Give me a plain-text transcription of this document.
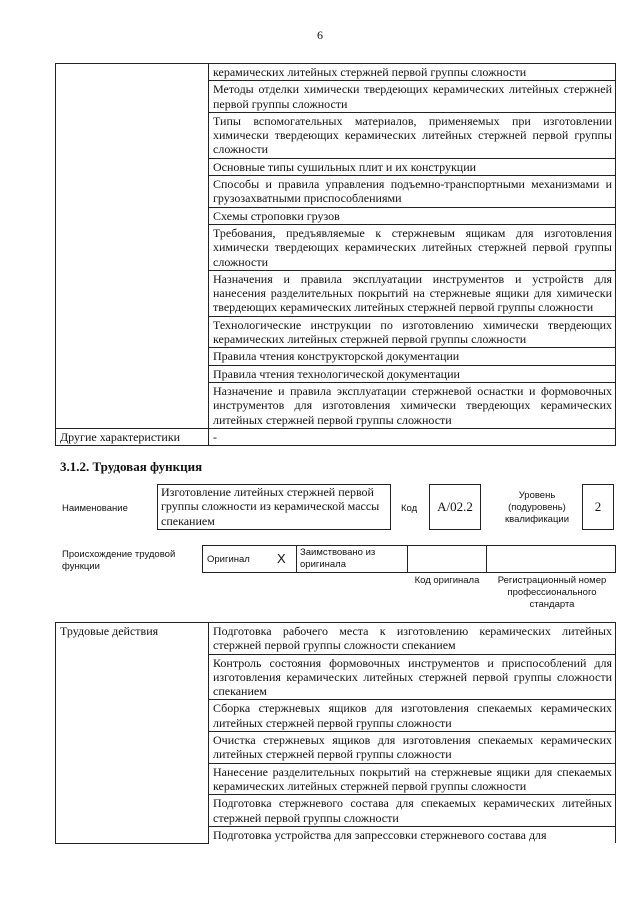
6
	керамических литейных стержней первой группы сложности
	Методы отделки химически твердеющих керамических литейных стержней первой группы сложности
	Типы вспомогательных материалов, применяемых при изготовлении химически твердеющих керамических литейных стержней первой группы сложности
	Основные типы сушильных плит и их конструкции
	Способы и правила управления подъемно-транспортными механизмами и грузозахватными приспособлениями
	Схемы строповки грузов
	Требования, предъявляемые к стержневым ящикам для изготовления химически твердеющих керамических литейных стержней первой группы сложности
	Назначения и правила эксплуатации инструментов и устройств для нанесения разделительных покрытий на стержневые ящики для химически твердеющих керамических литейных стержней первой группы сложности
	Технологические инструкции по изготовлению химически твердеющих керамических литейных стержней первой группы сложности
	Правила чтения конструкторской документации
	Правила чтения технологической документации
	Назначение и правила эксплуатации стержневой оснастки и формовочных инструментов для изготовления химически твердеющих керамических литейных стержней первой группы сложности
Другие характеристики	-
3.1.2. Трудовая функция
Наименование
Изготовление литейных стержней первой группы сложности из керамической массы спеканием
Код	A/02.2
Уровень (подуровень) квалификации
2
Происхождение трудовой функции
Оригинал X Заимствовано из оригинала
Код оригинала	Регистрационный номер профессионального стандарта
Трудовые действия	Подготовка рабочего места к изготовлению керамических литейных стержней первой группы сложности спеканием
Контроль состояния формовочных инструментов и приспособлений для изготовления керамических литейных стержней первой группы сложности спеканием
Сборка стержневых ящиков для изготовления спекаемых керамических литейных стержней первой группы сложности
Очистка стержневых ящиков для изготовления спекаемых керамических литейных стержней первой группы сложности
Нанесение разделительных покрытий на стержневые ящики для спекаемых керамических литейных стержней первой группы сложности
Подготовка стержневого состава для спекаемых керамических литейных стержней первой группы сложности
Подготовка устройства для запрессовки стержневого состава для
